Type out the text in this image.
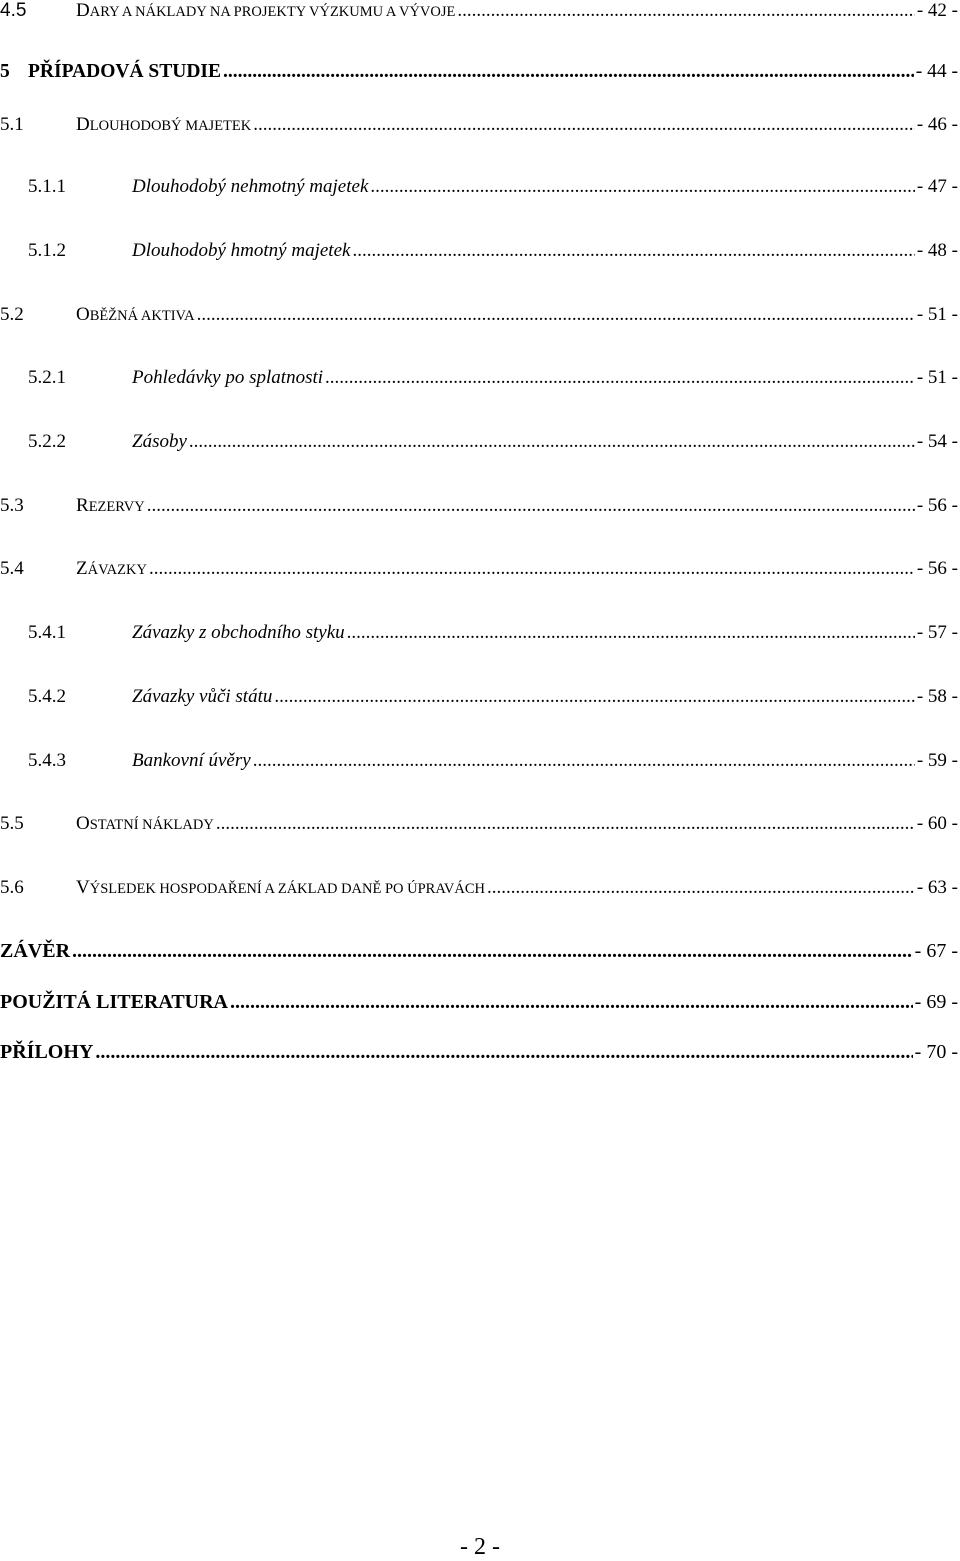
4.5	DARY A NÁKLADY NA PROJEKTY VÝZKUMU A VÝVOJE .....	- 42 -
5 PŘÍPADOVÁ STUDIE .....	- 44 -
5.1	DLOUHODOBÝ MAJETEK .....	- 46 -
5.1.1	Dlouhodobý nehmotný majetek .....	- 47 -
5.1.2	Dlouhodobý hmotný majetek .....	- 48 -
5.2	OBĚŽNÁ AKTIVA .....	- 51 -
5.2.1	Pohledávky po splatnosti .....	- 51 -
5.2.2	Zásoby .....	- 54 -
5.3	REZERVY .....	- 56 -
5.4	ZÁVAZKY .....	- 56 -
5.4.1	Závazky z obchodního styku .....	- 57 -
5.4.2	Závazky vůči státu .....	- 58 -
5.4.3	Bankovní úvěry .....	- 59 -
5.5	OSTATNÍ NÁKLADY .....	- 60 -
5.6	VÝSLEDEK HOSPODAŘENÍ A ZÁKLAD DANĚ PO ÚPRAVÁCH .....	- 63 -
ZÁVĚR .....	- 67 -
POUŽITÁ LITERATURA .....	- 69 -
PŘÍLOHY .....	- 70 -
- 2 -
